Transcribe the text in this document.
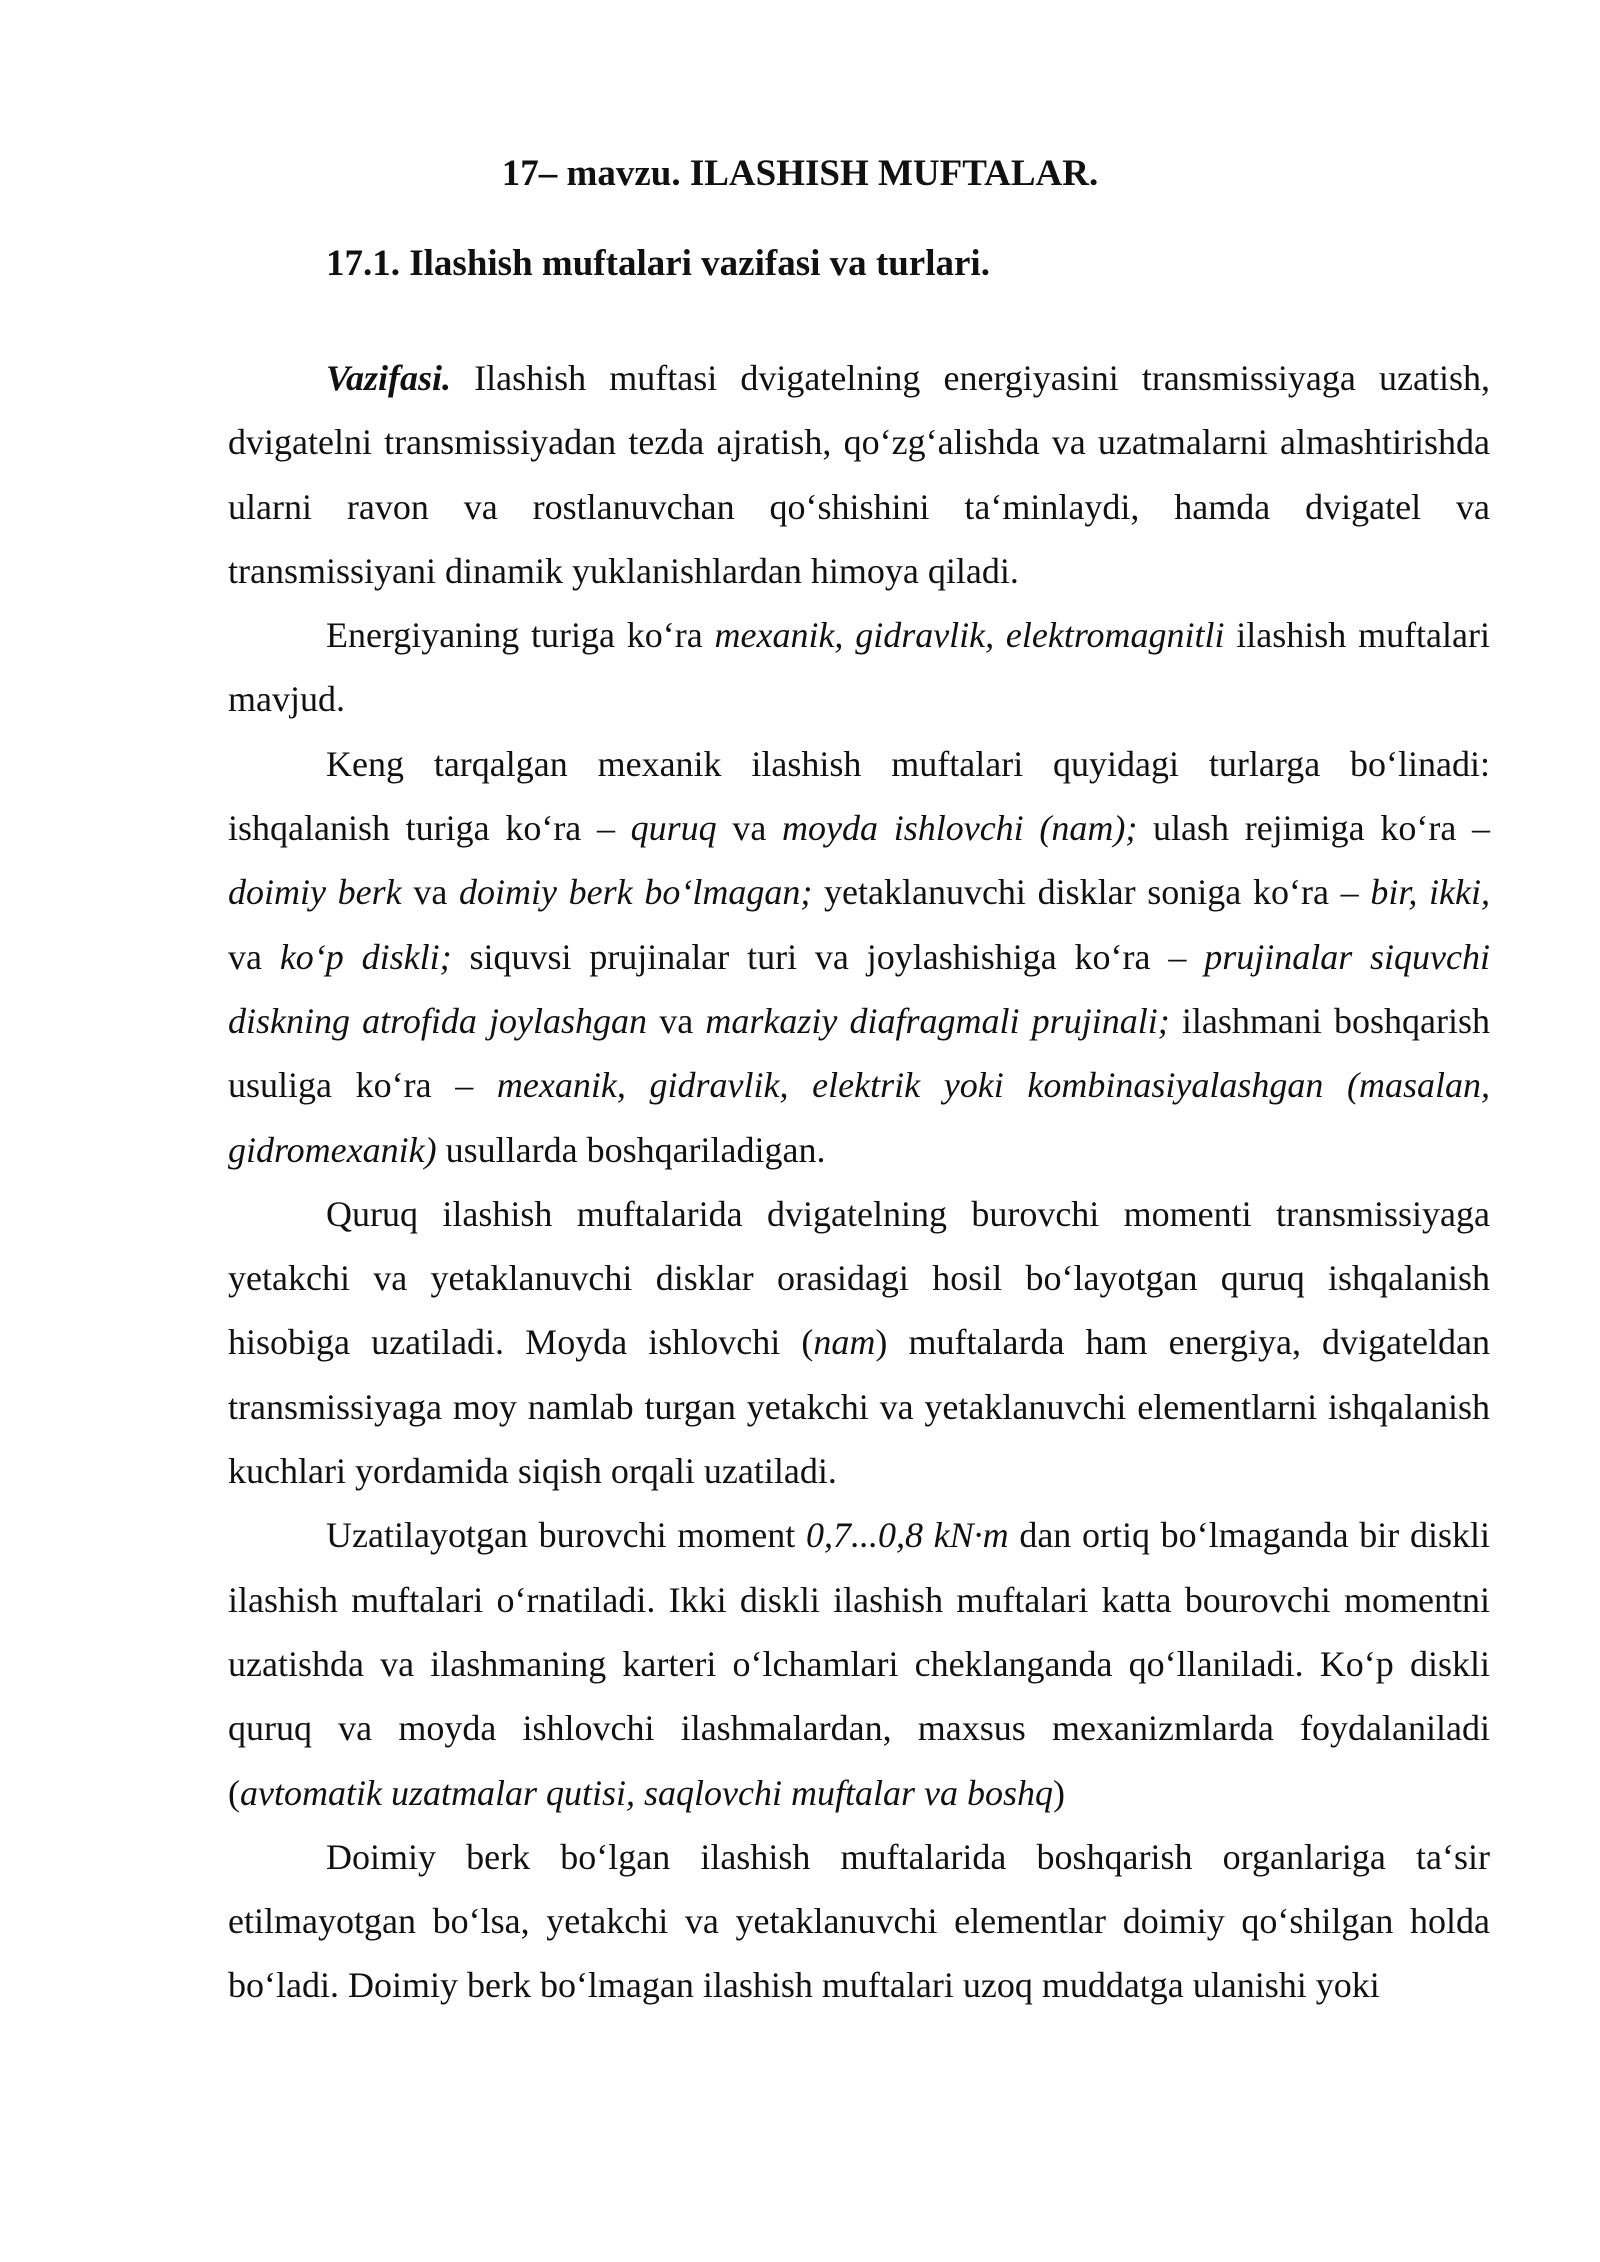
17– mavzu. ILASHISH MUFTALAR.
17.1. Ilashish muftalari vazifasi va turlari.

Vazifasi. Ilashish muftasi dvigatelning energiyasini transmissiyaga uzatish, dvigatelni transmissiyadan tezda ajratish, qo‘zg‘alishda va uzatmalarni almashtirishda ularni ravon va rostlanuvchan qo‘shishini ta‘minlaydi, hamda dvigatel va transmissiyani dinamik yuklanishlardan himoya qiladi.

Energiyaning turiga ko‘ra mexanik, gidravlik, elektromagnitli ilashish muftalari mavjud.

Keng tarqalgan mexanik ilashish muftalari quyidagi turlarga bo‘linadi: ishqalanish turiga ko‘ra – quruq va moyda ishlovchi (nam); ulash rejimiga ko‘ra – doimiy berk va doimiy berk bo‘lmagan; yetaklanuvchi disklar soniga ko‘ra – bir, ikki, va ko‘p diskli; siquvsi prujinalar turi va joylashishiga ko‘ra – prujinalar siquvchi diskning atrofida joylashgan va markaziy diafragmali prujinali; ilashmani boshqarish usuliga ko‘ra – mexanik, gidravlik, elektrik yoki kombinasiyalashgan (masalan, gidromexanik) usullarda boshqariladigan.

Quruq ilashish muftalarida dvigatelning burovchi momenti transmissiyaga yetakchi va yetaklanuvchi disklar orasidagi hosil bo‘layotgan quruq ishqalanish hisobiga uzatiladi. Moyda ishlovchi (nam) muftalarda ham energiya, dvigateldan transmissiyaga moy namlab turgan yetakchi va yetaklanuvchi elementlarni ishqalanish kuchlari yordamida siqish orqali uzatiladi.

Uzatilayotgan burovchi moment 0,7...0,8 kN·m dan ortiq bo‘lmaganda bir diskli ilashish muftalari o‘rnatiladi. Ikki diskli ilashish muftalari katta bourovchi momentni uzatishda va ilashmaning karteri o‘lchamlari cheklanganda qo‘llaniladi. Ko‘p diskli quruq va moyda ishlovchi ilashmalardan, maxsus mexanizmlarda foydalaniladi (avtomatik uzatmalar qutisi, saqlovchi muftalar va boshq)

Doimiy berk bo‘lgan ilashish muftalarida boshqarish organlariga ta‘sir etilmayotgan bo‘lsa, yetakchi va yetaklanuvchi elementlar doimiy qo‘shilgan holda bo‘ladi. Doimiy berk bo‘lmagan ilashish muftalari uzoq muddatga ulanishi yoki
